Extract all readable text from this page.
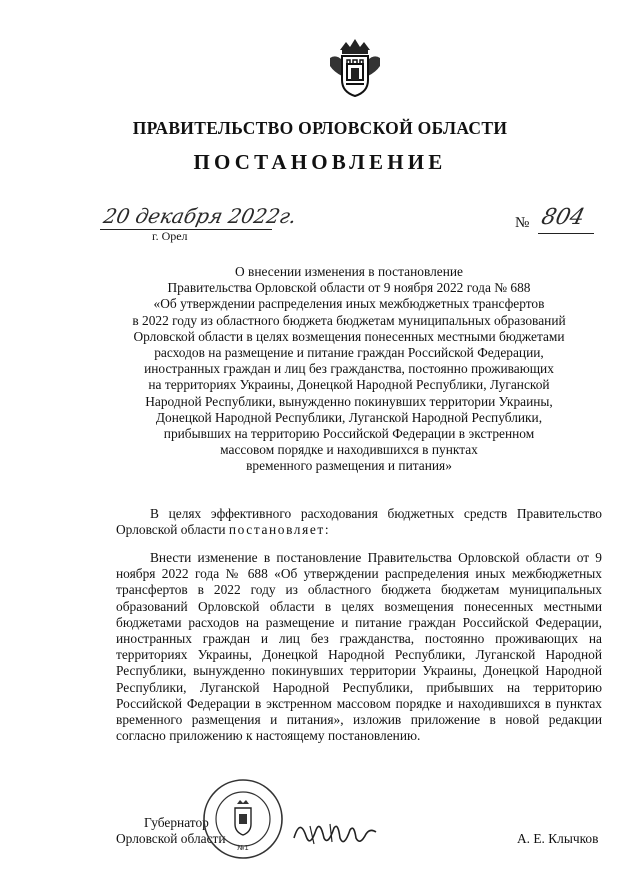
ПРАВИТЕЛЬСТВО ОРЛОВСКОЙ ОБЛАСТИ
ПОСТАНОВЛЕНИЕ
20 декабря 2022г.
г. Орел
№ 804
О внесении изменения в постановление
Правительства Орловской области от 9 ноября 2022 года № 688
«Об утверждении распределения иных межбюджетных трансфертов
в 2022 году из областного бюджета бюджетам муниципальных образований
Орловской области в целях возмещения понесенных местными бюджетами
расходов на размещение и питание граждан Российской Федерации,
иностранных граждан и лиц без гражданства, постоянно проживающих
на территориях Украины, Донецкой Народной Республики, Луганской
Народной Республики, вынужденно покинувших территории Украины,
Донецкой Народной Республики, Луганской Народной Республики,
прибывших на территорию Российской Федерации в экстренном
массовом порядке и находившихся в пунктах
временного размещения и питания»
В целях эффективного расходования бюджетных средств Правительство Орловской области постановляет:
Внести изменение в постановление Правительства Орловской области от 9 ноября 2022 года № 688 «Об утверждении распределения иных межбюджетных трансфертов в 2022 году из областного бюджета бюджетам муниципальных образований Орловской области в целях возмещения понесенных местными бюджетами расходов на размещение и питание граждан Российской Федерации, иностранных граждан и лиц без гражданства, постоянно проживающих на территориях Украины, Донецкой Народной Республики, Луганской Народной Республики, вынужденно покинувших территории Украины, Донецкой Народной Республики, Луганской Народной Республики, прибывших на территорию Российской Федерации в экстренном массовом порядке и находившихся в пунктах временного размещения и питания», изложив приложение в новой редакции согласно приложению к настоящему постановлению.
Губернатор
Орловской области
№1
А. Е. Клычков
